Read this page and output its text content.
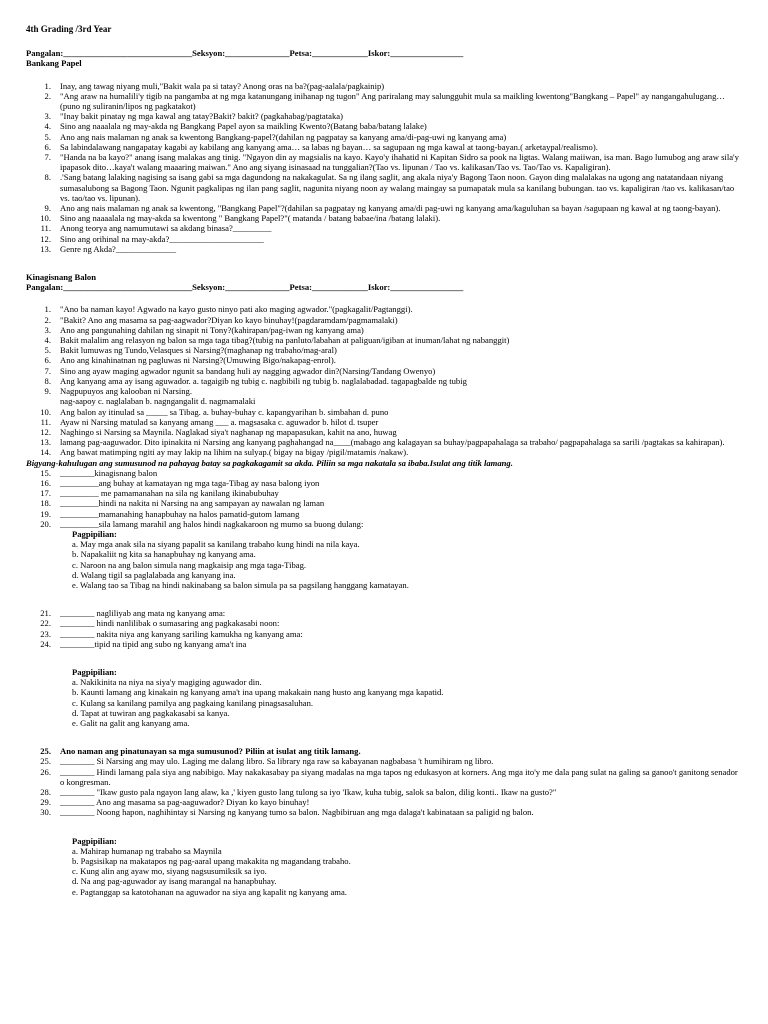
4th Grading /3rd Year
Pangalan:______________________________Seksyon:_______________Petsa:_____________Iskor:_________________
Bankang Papel
1.	Inay, ang tawag niyang muli,"Bakit wala pa si tatay? Anong oras na ba?(pag-aalala/pagkainip)
2.	"Ang araw na humalili'y tigib na pangamba at ng mga katanungang inihanap ng tugon" Ang pariralang may salungguhit mula sa maikling kwentong"Bangkang – Papel" ay nangangahulugang…(puno ng suliranin/lipos ng pagkatakot)
3.	"Inay bakit pinatay ng mga kawal ang tatay?Bakit? bakit? (pagkahabag/pagtataka)
4.	Sino ang naaalala ng may-akda ng Bangkang Papel ayon sa maikling Kwento?(Batang baba/batang lalake)
5.	Ano ang nais malaman ng anak sa kwentong Bangkang-papel?(dahilan ng pagpatay sa kanyang ama/di-pag-uwi ng kanyang ama)
6.	Sa labindalawang nangapatay kagabi ay kabilang ang kanyang ama… sa labas ng bayan… sa sagupaan ng mga kawal at taong-bayan.( arketaypal/realismo).
7.	"Handa na ba kayo?" anang isang malakas ang tinig. "Ngayon din ay magsialis na kayo. Kayo'y ihahatid ni Kapitan Sidro sa pook na ligtas. Walang maiiwan, isa man. Bago lumubog ang araw sila'y ipapasok dito…kaya't walang maaaring maiwan." Ano ang siyang isinasaad na tunggalian?(Tao vs. lipunan / Tao vs. kalikasan/Tao vs. Tao/Tao vs. Kapaligiran).
8.	.'Sang batang lalaking nagising sa isang gabi sa mga dagundong na nakakagulat. Sa ng ilang saglit, ang akala niya'y Bagong Taon noon. Gayon ding malalakas na ugong ang natatandaan niyang sumasalubong sa Bagong Taon. Ngunit pagkalipas ng ilan pang saglit, nagunita niyang noon ay walang maingay sa pumapatak mula sa kanilang bubungan. tao vs. kapaligiran /tao vs. kalikasan/tao vs. tao/tao vs. lipunan).
9.	Ano ang nais malaman ng anak sa kwentong, "Bangkang Papel"?(dahilan sa pagpatay ng kanyang ama/di pag-uwi ng kanyang ama/kaguluhan sa bayan /sagupaan ng kawal at ng taong-bayan).
10.	Sino ang naaaalala ng may-akda sa kwentong " Bangkang Papel?"( matanda / batang babae/ina /batang lalaki).
11.	Anong teorya ang namumutawi sa akdang binasa?_________
12.	Sino ang orihinal na may-akda?______________________
13.	Genre ng Akda?______________
Kinagisnang Balon
Pangalan:______________________________Seksyon:_______________Petsa:_____________Iskor:_________________
1.	"Ano ba naman kayo! Agwado na kayo gusto ninyo pati ako maging agwador."(pagkagalit/Pagtanggi).
2.	"Bakit? Ano ang masama sa pag-aagwador?Diyan ko kayo binuhay!(pagdaramdam/pagmamalaki)
3.	Ano ang pangunahing dahilan ng sinapit ni Tony?(kahirapan/pag-iwan ng kanyang ama)
4.	Bakit malalim ang relasyon ng balon sa mga taga tibag?(tubig na panluto/labahan at paliguan/igiban at inuman/lahat ng nabanggit)
5.	Bakit lumuwas ng Tundo,Velasques si Narsing?(maghanap ng trabaho/mag-aral)
6.	Ano ang kinahinatnan ng pagluwas ni Narsing?(Umuwing Bigo/nakapag-enrol).
7.	Sino ang ayaw maging agwador ngunit sa bandang huli ay nagging agwador din?(Narsing/Tandang Owenyo)
8.	Ang kanyang ama ay isang aguwador. a. tagaigib ng tubig c. nagbibili ng tubig b. naglalabadad. tagapagbalde ng tubig
9.	Nagpupuyos ang kalooban ni Narsing.
nag-aapoy c. naglalaban b. nagngangalit d. nagmamalaki
10.	Ang balon ay itinulad sa _____ sa Tibag. a. buhay-buhay c. kapangyarihan b. simbahan d. puno
11.	Ayaw ni Narsing matulad sa kanyang amang ___ a. magsasaka c. aguwador b. hilot d. tsuper
12.	Naghingo si Narsing sa Maynila. Naglakad siya't naghanap ng mapapasukan, kahit na ano, huwag
13.	lamang pag-aaguwador. Dito ipinakita ni Narsing ang kanyang paghahangad na____(mabago ang kalagayan sa buhay/pagpapahalaga sa trabaho/ pagpapahalaga sa sarili /pagtakas sa kahirapan).
14.	Ang bawat matimping ngiti ay may lakip na lihim na sulyap.( bigay na bigay /pigil/matamis /nakaw).
Bigyang-kahulugan ang sumusunod na pahayag batay sa pagkakagamit sa akda. Piliin sa mga nakatala sa ibaba.Isulat ang titik lamang.
15.	________kinagisnang balon
16.	_________ang buhay at kamatayan ng mga taga-Tibag ay nasa balong iyon
17.	_________ me pamamanahan na sila ng kanilang ikinabubuhay
18.	_________hindi na nakita ni Narsing na ang sampayan ay nawalan ng laman
19.	_________mamanahing hanapbuhay na halos pamatid-gutom lamang
20.	_________sila lamang marahil ang halos hindi nagkakaroon ng mumo sa buong dulang:
Pagpipilian:
a. May mga anak sila na siyang papalit sa kanilang trabaho kung hindi na nila kaya.
b. Napakaliit ng kita sa hanapbuhay ng kanyang ama.
c. Naroon na ang balon simula nang magkaisip ang mga taga-Tibag.
d. Walang tigil sa paglalabada ang kanyang ina.
e. Walang tao sa Tibag na hindi nakinabang sa balon simula pa sa pagsilang hanggang kamatayan.
21.	________ nagliliyab ang mata ng kanyang ama:
22.	________ hindi nanlilibak o sumasaring ang pagkakasabi noon:
23.	________ nakita niya ang kanyang sariling kamukha ng kanyang ama:
24.	________tipid na tipid ang subo ng kanyang ama't ina
Pagpipilian:
a. Nakikinita na niya na siya'y magiging aguwador din.
b. Kaunti lamang ang kinakain ng kanyang ama't ina upang makakain nang husto ang kanyang mga kapatid.
c. Kulang sa kanilang pamilya ang pagkaing kanilang pinagsasaluhan.
d. Tapat at tuwiran ang pagkakasabi sa kanya.
e. Galit na galit ang kanyang ama.
25.	Ano naman ang pinatunayan sa mga sumusunod? Piliin at isulat ang titik lamang.
25.	________ Si Narsing ang may ulo. Laging me dalang libro. Sa library nga raw sa kabayanan nagbabasa 't humihiram ng libro.
26.	________ Hindi lamang pala siya ang nabibigo. May nakakasabay pa siyang madalas na mga tapos ng edukasyon at korners. Ang mga ito'y me dala pang sulat na galing sa ganoo't ganitong senador o kongresman.
28.	________ "Ikaw gusto pala ngayon lang alaw, ka ,' kiyen gusto lang tulong sa iyo 'Ikaw, kuha tubig, salok sa balon, dilig konti.. Ikaw na gusto?"
29.	________ Ano ang masama sa pag-aaguwador? Diyan ko kayo binuhay!
30.	________ Noong hapon, naghihintay si Narsing ng kanyang tumo sa balon. Nagbibiruan ang mga dalaga't kabinataan sa paligid ng balon.
Pagpipilian:
a. Mahirap humanap ng trabaho sa Maynila
b. Pagsisikap na makatapos ng pag-aaral upang makakita ng magandang trabaho.
c. Kung alin ang ayaw mo, siyang nagsusumiksik sa iyo.
d. Na ang pag-aguwador ay isang marangal na hanapbuhay.
e. Pagtanggap sa katotohanan na aguwador na siya ang kapalit ng kanyang ama.
